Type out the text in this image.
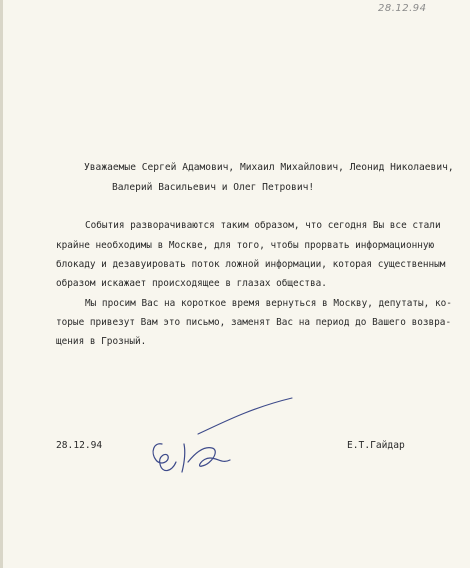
28.12.94
Уважаемые Сергей Адамович, Михаил Михайлович, Леонид Николаевич,
Валерий Васильевич и Олег Петрович!
События разворачиваются таким образом, что сегодня Вы все стали
крайне необходимы в Москве, для того, чтобы прорвать информационную
блокаду и дезавуировать поток ложной информации, которая существенным
образом искажает происходящее в глазах общества.
Мы просим Вас на короткое время вернуться в Москву, депутаты, ко-
торые привезут Вам это письмо, заменят Вас на период до Вашего возвра-
щения в Грозный.
28.12.94	Е.Т.Гайдар
